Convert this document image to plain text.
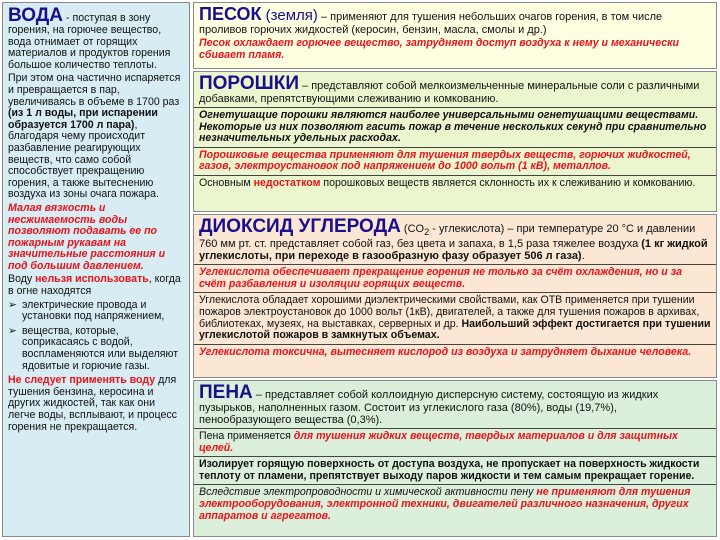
ВОДА - поступая в зону горения, на горючее вещество, вода отнимает от горящих материалов и продуктов горения большое количество теплоты.

При этом она частично испаряется и превращается в пар, увеличиваясь в объеме в 1700 раз (из 1 л воды, при испарении образуется 1700 л пара), благодаря чему происходит разбавление реагирующих веществ, что само собой способствует прекращению горения, а также вытеснению воздуха из зоны очага пожара.

Малая вязкость и несжимаемость воды позволяют подавать ее по пожарным рукавам на значительные расстояния и под большим давлением.

Воду нельзя использовать, когда в огне находятся

➢ электрические провода и установки под напряжением,
➢ вещества, которые, соприкасаясь с водой, воспламеняются или выделяют ядовитые и горючие газы.

Не следует применять воду для тушения бензина, керосина и других жидкостей, так как они легче воды, всплывают, и процесс горения не прекращается.

ПЕСОК (земля) – применяют для тушения небольших очагов горения, в том числе проливов горючих жидкостей (керосин, бензин, масла, смолы и др.)

Песок охлаждает горючее вещество, затрудняет доступ воздуха к нему и механически сбивает пламя.

ПОРОШКИ – представляют собой мелкоизмельченные минеральные соли с различными добавками, препятствующими слеживанию и комкованию.

Огнетушащие порошки являются наиболее универсальными огнетушащими веществами. Некоторые из них позволяют гасить пожар в течение нескольких секунд при сравнительно незначительных удельных расходах.

Порошковые вещества применяют для тушения твердых веществ, горючих жидкостей, газов, электроустановок под напряжением до 1000 вольт (1 кВ), металлов.

Основным недостатком порошковых веществ является склонность их к слеживанию и комкованию.

ДИОКСИД УГЛЕРОДА ($CO_2$ - углекислота) – при температуре 20 °С и давлении 760 мм рт. ст. представляет собой газ, без цвета и запаха, в 1,5 раза тяжелее воздуха (1 кг жидкой углекислоты, при переходе в газообразную фазу образует 506 л газа).

Углекислота обеспечивает прекращение горения не только за счёт охлаждения, но и за счёт разбавления и изоляции горящих веществ.

Углекислота обладает хорошими диэлектрическими свойствами, как ОТВ применяется при тушении пожаров электроустановок до 1000 вольт (1кВ), двигателей, а также для тушения пожаров в архивах, библиотеках, музеях, на выставках, серверных и др. Наибольший эффект достигается при тушении углекислотой пожаров в замкнутых объемах.

Углекислота токсична, вытесняет кислород из воздуха и затрудняет дыхание человека.

ПЕНА – представляет собой коллоидную дисперсную систему, состоящую из жидких пузырьков, наполненных газом. Состоит из углекислого газа (80%), воды (19,7%), пенообразующего вещества (0,3%).

Пена применяется для тушения жидких веществ, твердых материалов и для защитных целей.

Изолирует горящую поверхность от доступа воздуха, не пропускает на поверхность жидкости теплоту от пламени, препятствует выходу паров жидкости и тем самым прекращает горение.

Вследствие электропроводности и химической активности пену не применяют для тушения электрооборудования, электронной техники, двигателей различного назначения, других аппаратов и агрегатов.
